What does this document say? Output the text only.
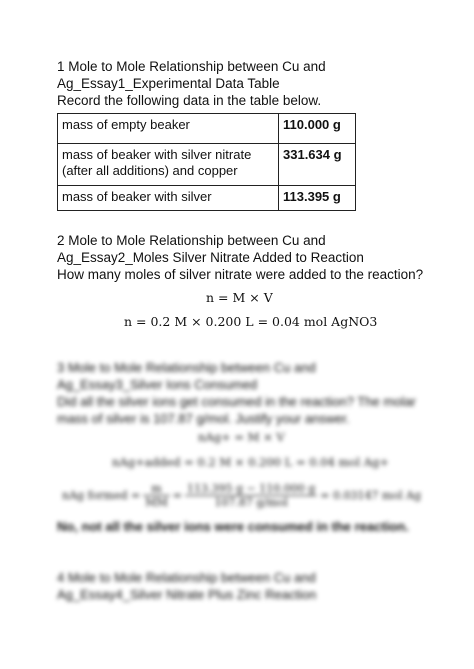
1 Mole to Mole Relationship between Cu and
Ag_Essay1_Experimental Data Table
Record the following data in the table below.
mass of empty beaker	110.000 g
mass of beaker with silver nitrate (after all additions) and copper	331.634 g
mass of beaker with silver	113.395 g
2 Mole to Mole Relationship between Cu and
Ag_Essay2_Moles Silver Nitrate Added to Reaction
How many moles of silver nitrate were added to the reaction?
n = M × V
n = 0.2 M × 0.200 L = 0.04 mol AgNO3
3 Mole to Mole Relationship between Cu and
Ag_Essay3_Silver Ions Consumed
Did all the silver ions get consumed in the reaction? The molar
mass of silver is 107.87 g/mol. Justify your answer.
nAg+ = M × V
nAg+added = 0.2 M × 0.200 L = 0.04 mol Ag+
nAg formed = $\frac{m}{MM} = \frac{113.395 g - 110.000 g}{\text{107.87 g/mol}} = 0.03147$ mol Ag
No, not all the silver ions were consumed in the reaction.
4 Mole to Mole Relationship between Cu and
Ag_Essay4_Silver Nitrate Plus Zinc Reaction
